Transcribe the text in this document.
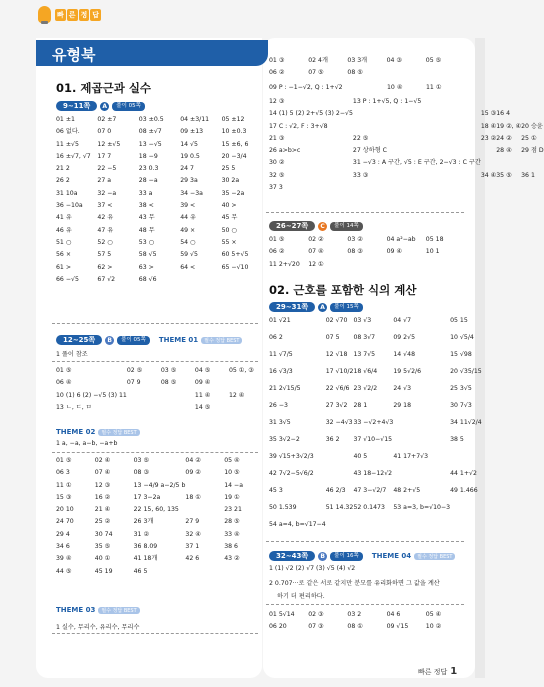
빠 른 정 답
유형북
01. 제곱근과 실수
9~11쪽	A	풀이 05쪽
01 ±1	02 ±7	03 ±0.5	04 ±3/11	05 ±12
06 없다.	07 0	08 ±√7	09 ±13	10 ±0.3
11 ±√5	12 ±√5	13 −√5	14 √5	15 ±6, 6
16 ±√7, √7	17 7	18 −9	19 0.5	20 −3/4
21 2	22 −5	23 0.3	24 7	25 5
26 2	27 a	28 −a	29 3a	30 2a
31 10a	32 −a	33 a	34 −3a	35 −2a
36 −10a	37 <	38 <	39 <	40 >
41 유	42 유	43 무	44 유	45 무
46 유	47 유	48 무	49 ×	50 ○
51 ○	52 ○	53 ○	54 ○	55 ×
56 ×	57 5	58 √5	59 √5	60 5+√5
61 >	62 >	63 >	64 <	65 −√10
66 −√5	67 √2	68 √6
12~25쪽	B	풀이 05쪽	THEME 01	필수 정답 BEST
1 풀이 참조
01 ⑤	02 ⑤	03 ⑤	04 ⑤	05 ①, ③
06 ④	07 9	08 ⑤	09 ④
10 (1) 6 (2) −√5 (3) 11	11 ④	12 ④
13 ㄴ, ㄷ, ㅁ	14 ⑤
THEME 02	필수 정답 BEST
1 a, −a, a−b, −a+b
01 ⑤	02 ④	03 ⑤	04 ②	05 ④
06 3	07 ④	08 ③	09 ②	10 ⑤
11 ①	12 ③	13 −4/9 a−2/5 b	14 −a
15 ③	16 ②	17 3−2a	18 ①	19 ①
20 10	21 ④	22 15, 60, 135	23 21
24 70	25 ②	26 3개	27 9	28 ⑤
29 4	30 74	31 ②	32 ④	33 ④
34 6	35 ⑤	36 8.09	37 1	38 6
39 ④	40 ①	41 18개	42 6	43 ②
44 ⑤	45 19	46 5
THEME 03	필수 정답 BEST
1 실수, 무리수, 유리수, 무리수
01 ③	02 4개	03 3개	04 ③	05 ⑤
06 ②	07 ⑤	08 ⑤
09 P : −1−√2, Q : 1+√2	10 ④	11 ①
12 ③	13 P : 1+√5, Q : 1−√5
14 (1) 5 (2) 2+√5 (3) 2−√5	15 ③ 16 4
17 C : √2, F : 3+√8	18 ④ 19 ②, ④ 20 승윤
21 ③	22 ⑤	23 ② 24 ②	25 ①
26 a>b>c	27 상하형 C	28 ④	29 점 D
30 ②	31 −√3 : A 구간, √5 : E 구간, 2−√3 : C 구간
32 ⑤	33 ③	34 ④ 35 ⑤	36 1
37 3
26~27쪽	C	풀이 14쪽
01 ⑤	02 ②	03 ②	04 a²−ab	05 18
06 ②	07 ④	08 ③	09 ④	10 1
11 2+√20	12 ①
02. 근호를 포함한 식의 계산
29~31쪽	A	풀이 15쪽
01 √21	02 √70 03 √3	04 √7	05 15
06 2	07 5	08 3√7	09 2√5	10 √5/4
11 √7/5	12 √18 13 7√5	14 √48	15 √98
16 √3/3	17 √10/2 18 √6/4	19 5√2/6	20 √35/15
21 2√15/5	22 √6/6 23 √2/2	24 √3	25 3√5
26 −3	27 3√2 28 1	29 18	30 7√3
31 3√5	32 −4√3 33 −√2+4√3	34 11√2/4
35 3√2−2	36 2	37 √10−√15	38 5
39 √15+3√2/3	40 5	41 17+7√3
42 7√2−5√6/2	43 18−12√2	44 1+√2
45 3	46 2/3	47 3−√2/7	48 2+√5	49 1.466
50 1.539	51 14.32 52 0.1473	53 a=3, b=√10−3
54 a=4, b=√17−4
32~43쪽	B	풀이 16쪽	THEME 04	필수 정답 BEST
1 (1) √2 (2) √7 (3) √5 (4) √2
2 0.707···로 같은 서로 같지만 분모를 유리화하면 그 값을 계산
하기 더 편리하다.
01 5√14	02 ③	03 2	04 6	05 ④
06 20	07 ③	08 ①	09 √15	10 ②
빠른 정답 1
